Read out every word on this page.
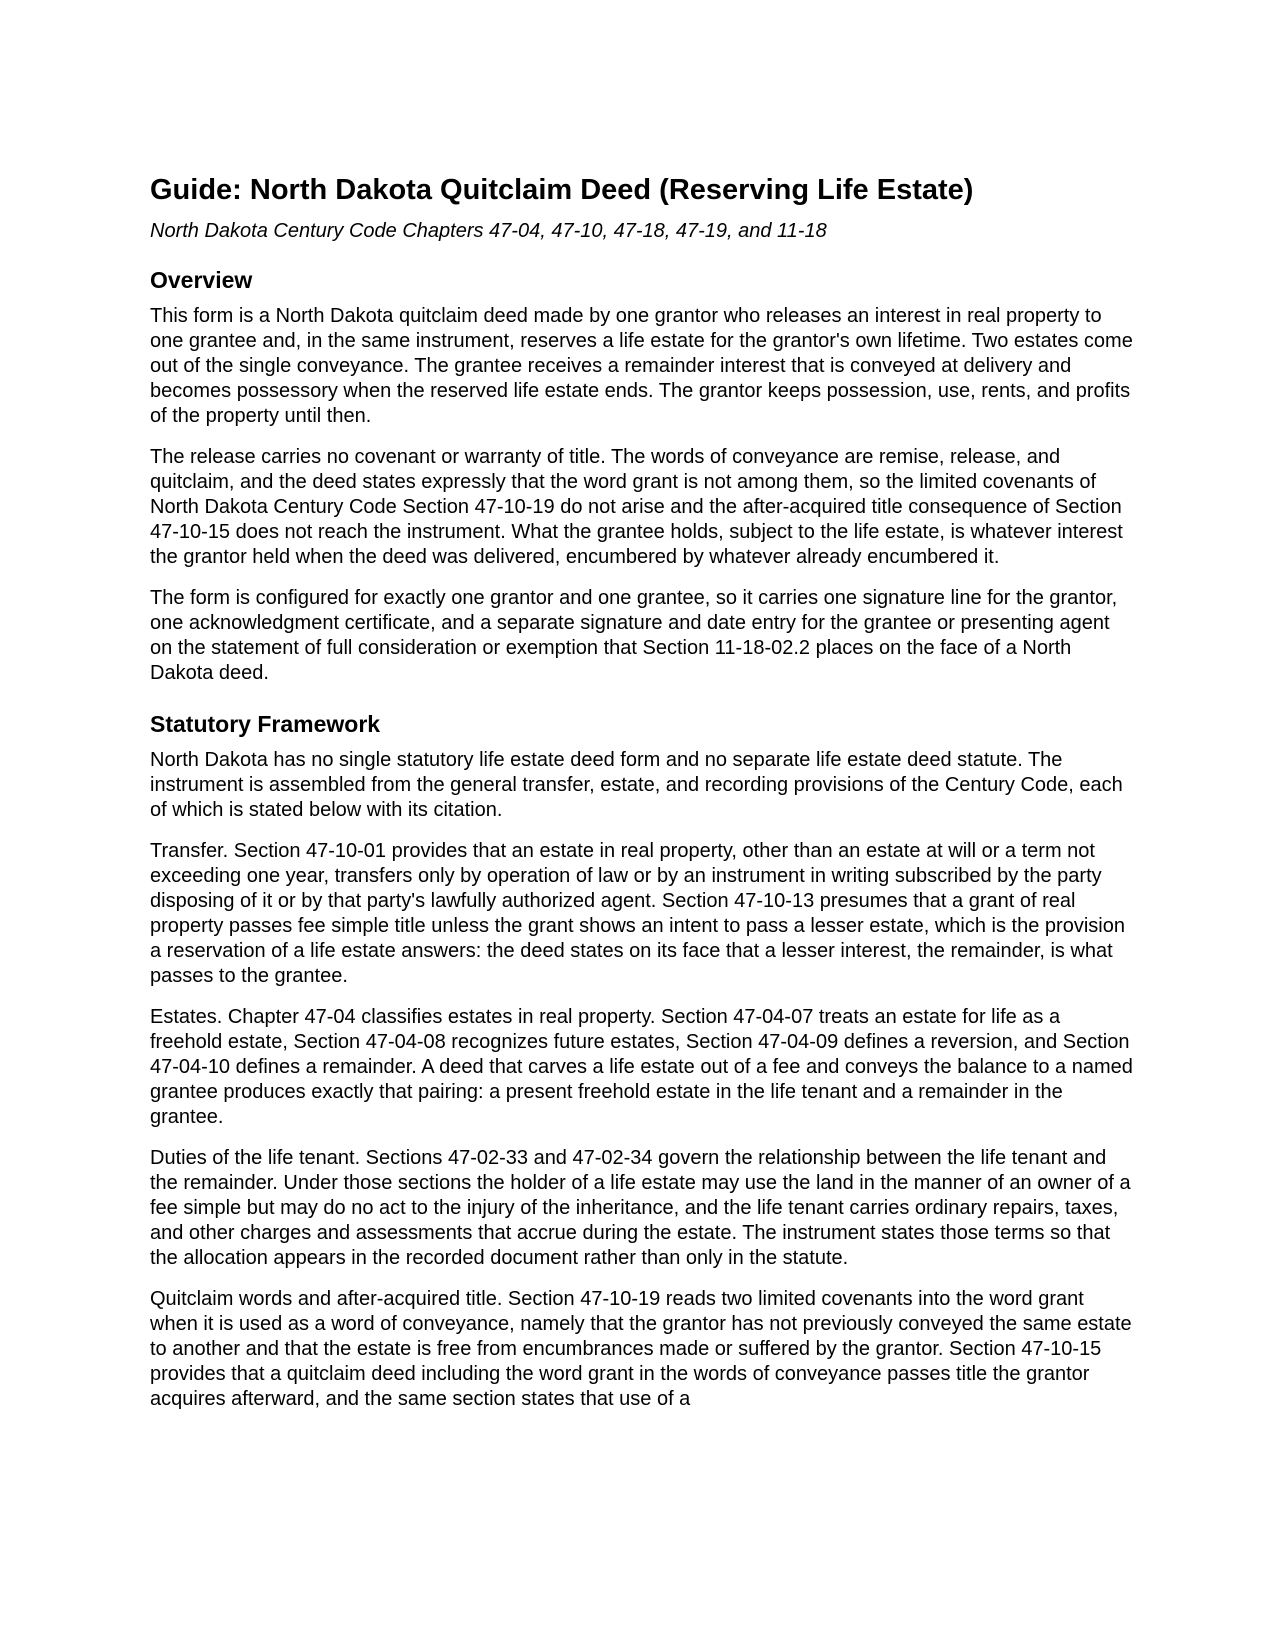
Guide: North Dakota Quitclaim Deed (Reserving Life Estate)

North Dakota Century Code Chapters 47-04, 47-10, 47-18, 47-19, and 11-18

Overview

This form is a North Dakota quitclaim deed made by one grantor who releases an interest in real property to one grantee and, in the same instrument, reserves a life estate for the grantor's own lifetime. Two estates come out of the single conveyance. The grantee receives a remainder interest that is conveyed at delivery and becomes possessory when the reserved life estate ends. The grantor keeps possession, use, rents, and profits of the property until then.

The release carries no covenant or warranty of title. The words of conveyance are remise, release, and quitclaim, and the deed states expressly that the word grant is not among them, so the limited covenants of North Dakota Century Code Section 47-10-19 do not arise and the after-acquired title consequence of Section 47-10-15 does not reach the instrument. What the grantee holds, subject to the life estate, is whatever interest the grantor held when the deed was delivered, encumbered by whatever already encumbered it.

The form is configured for exactly one grantor and one grantee, so it carries one signature line for the grantor, one acknowledgment certificate, and a separate signature and date entry for the grantee or presenting agent on the statement of full consideration or exemption that Section 11-18-02.2 places on the face of a North Dakota deed.

Statutory Framework

North Dakota has no single statutory life estate deed form and no separate life estate deed statute. The instrument is assembled from the general transfer, estate, and recording provisions of the Century Code, each of which is stated below with its citation.

Transfer. Section 47-10-01 provides that an estate in real property, other than an estate at will or a term not exceeding one year, transfers only by operation of law or by an instrument in writing subscribed by the party disposing of it or by that party's lawfully authorized agent. Section 47-10-13 presumes that a grant of real property passes fee simple title unless the grant shows an intent to pass a lesser estate, which is the provision a reservation of a life estate answers: the deed states on its face that a lesser interest, the remainder, is what passes to the grantee.

Estates. Chapter 47-04 classifies estates in real property. Section 47-04-07 treats an estate for life as a freehold estate, Section 47-04-08 recognizes future estates, Section 47-04-09 defines a reversion, and Section 47-04-10 defines a remainder. A deed that carves a life estate out of a fee and conveys the balance to a named grantee produces exactly that pairing: a present freehold estate in the life tenant and a remainder in the grantee.

Duties of the life tenant. Sections 47-02-33 and 47-02-34 govern the relationship between the life tenant and the remainder. Under those sections the holder of a life estate may use the land in the manner of an owner of a fee simple but may do no act to the injury of the inheritance, and the life tenant carries ordinary repairs, taxes, and other charges and assessments that accrue during the estate. The instrument states those terms so that the allocation appears in the recorded document rather than only in the statute.

Quitclaim words and after-acquired title. Section 47-10-19 reads two limited covenants into the word grant when it is used as a word of conveyance, namely that the grantor has not previously conveyed the same estate to another and that the estate is free from encumbrances made or suffered by the grantor. Section 47-10-15 provides that a quitclaim deed including the word grant in the words of conveyance passes title the grantor acquires afterward, and the same section states that use of a
